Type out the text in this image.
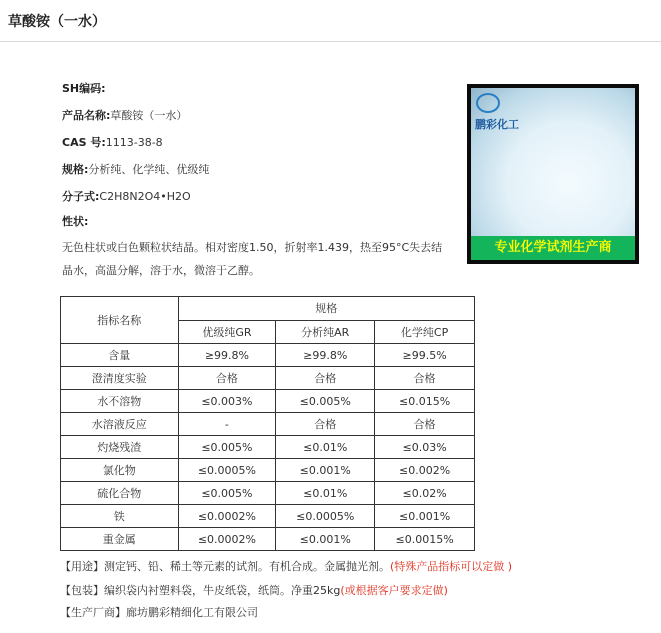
草酸铵（一水）
SH编码:
产品名称:草酸铵（一水）
CAS 号:1113-38-8
规格:分析纯、化学纯、优级纯
分子式:C2H8N2O4•H2O
性状:
无色柱状或白色颗粒状结晶。相对密度1.50，折射率1.439，热至95°C失去结
晶水，高温分解，溶于水，微溶于乙醇。
鹏彩化工
专业化学试剂生产商
指标名称	规格		
	优级纯GR	分析纯AR	化学纯CP
含量	≥99.8%	≥99.8%	≥99.5%
澄清度实验	合格	合格	合格
水不溶物	≤0.003%	≤0.005%	≤0.015%
水溶液反应	-	合格	合格
灼烧残渣	≤0.005%	≤0.01%	≤0.03%
氯化物	≤0.0005%	≤0.001%	≤0.002%
硫化合物	≤0.005%	≤0.01%	≤0.02%
铁	≤0.0002%	≤0.0005%	≤0.001%
重金属	≤0.0002%	≤0.001%	≤0.0015%
【用途】测定钙、铅、稀土等元素的试剂。有机合成。金属抛光剂。(特殊产品指标可以定做 )
【包装】编织袋内衬塑料袋，牛皮纸袋，纸筒。净重25kg(或根据客户要求定做)
【生产厂商】廊坊鹏彩精细化工有限公司
